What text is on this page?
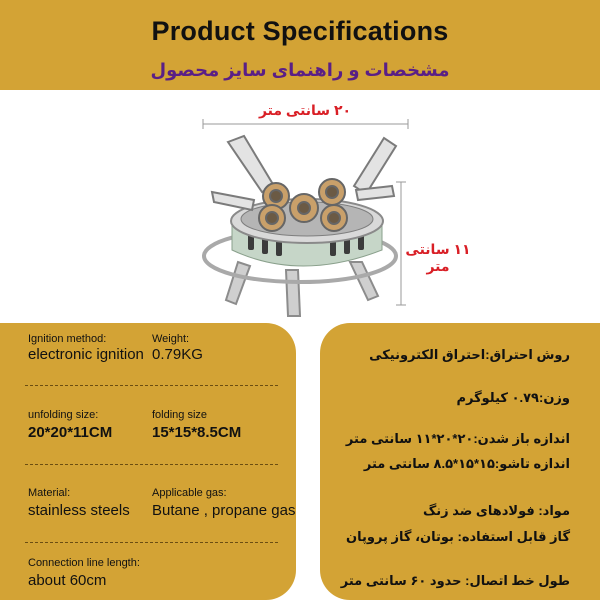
Product Specifications
مشخصات و راهنمای سایز محصول
۲۰ سانتی متر
۱۱ سانتی متر
Ignition method:
electronic ignition
Weight:
0.79KG
unfolding size:
20*20*11CM
folding size
15*15*8.5CM
Material:
stainless steels
Applicable gas:
Butane , propane gas
Connection line length:
about 60cm
روش احتراق:احتراق الکترونیکی
وزن:۰.۷۹ کیلوگرم
اندازه باز شدن:۲۰*۲۰*۱۱ سانتی متر
اندازه تاشو:۱۵*۱۵*۸.۵ سانتی متر
مواد: فولادهای ضد زنگ
گاز قابل استفاده: بوتان، گاز پروپان
طول خط اتصال: حدود ۶۰ سانتی متر
